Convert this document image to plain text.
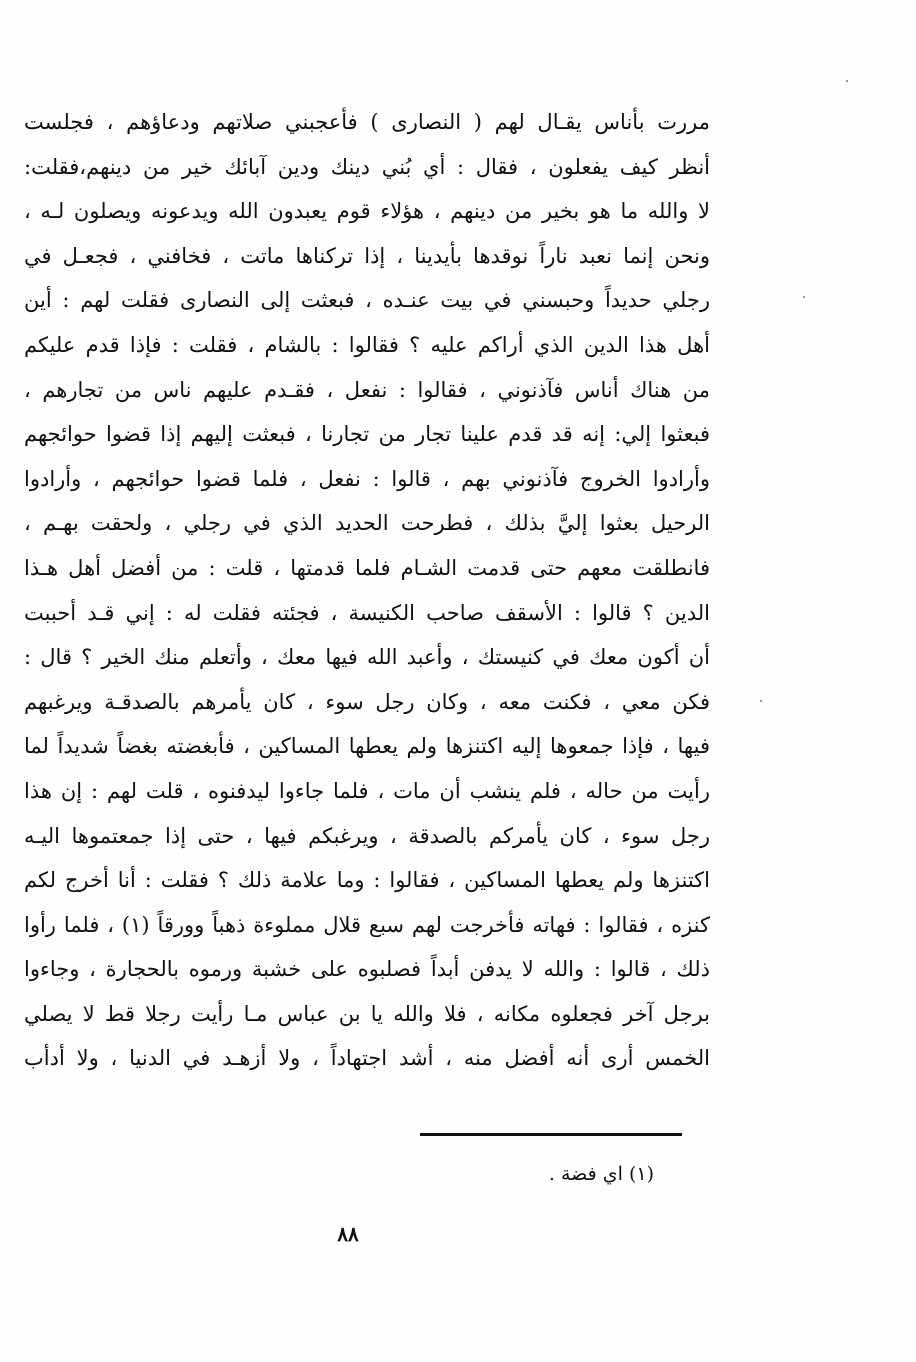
مررت بأناس يقـال لهم ( النصارى ) فأعجبني صلاتهم ودعاؤهم ، فجلست
أنظر كيف يفعلون ، فقال : أي بُني دينك ودين آبائك خير من دينهم،فقلت:
لا والله ما هو بخير من دينهم ، هؤلاء قوم يعبدون الله ويدعونه ويصلون لـه ،
ونحن إنما نعبد ناراً نوقدها بأيدينا ، إذا تركناها ماتت ، فخافني ، فجعـل في
رجلي حديداً وحبسني في بيت عنـده ، فبعثت إلى النصارى فقلت لهم : أين
أهل هذا الدين الذي أراكم عليه ؟ فقالوا : بالشام ، فقلت : فإذا قدم عليكم
من هناك أناس فآذنوني ، فقالوا : نفعل ، فقـدم عليهم ناس من تجارهم ،
فبعثوا إلي: إنه قد قدم علينا تجار من تجارنا ، فبعثت إليهم إذا قضوا حوائجهم
وأرادوا الخروج فآذنوني بهم ، قالوا : نفعل ، فلما قضوا حوائجهم ، وأرادوا
الرحيل بعثوا إليَّ بذلك ، فطرحت الحديد الذي في رجلي ، ولحقت بهـم ،
فانطلقت معهم حتى قدمت الشـام فلما قدمتها ، قلت : من أفضل أهل هـذا
الدين ؟ قالوا : الأسقف صاحب الكنيسة ، فجئته فقلت له : إني قـد أحببت
أن أكون معك في كنيستك ، وأعبد الله فيها معك ، وأتعلم منك الخير ؟ قال :
فكن معي ، فكنت معه ، وكان رجل سوء ، كان يأمرهم بالصدقـة ويرغبهم
فيها ، فإذا جمعوها إليه اكتنزها ولم يعطها المساكين ، فأبغضته بغضاً شديداً لما
رأيت من حاله ، فلم ينشب أن مات ، فلما جاءوا ليدفنوه ، قلت لهم : إن هذا
رجل سوء ، كان يأمركم بالصدقة ، ويرغبكم فيها ، حتى إذا جمعتموها اليـه
اكتنزها ولم يعطها المساكين ، فقالوا : وما علامة ذلك ؟ فقلت : أنا أخرج لكم
كنزه ، فقالوا : فهاته فأخرجت لهم سبع قلال مملوءة ذهباً وورقاً (١) ، فلما رأوا
ذلك ، قالوا : والله لا يدفن أبداً فصلبوه على خشبة ورموه بالحجارة ، وجاءوا
برجل آخر فجعلوه مكانه ، فلا والله يا بن عباس مـا رأيت رجلا قط لا يصلي
الخمس أرى أنه أفضل منه ، أشد اجتهاداً ، ولا أزهـد في الدنيا ، ولا أدأب
(١) اي فضة .
٨٨
